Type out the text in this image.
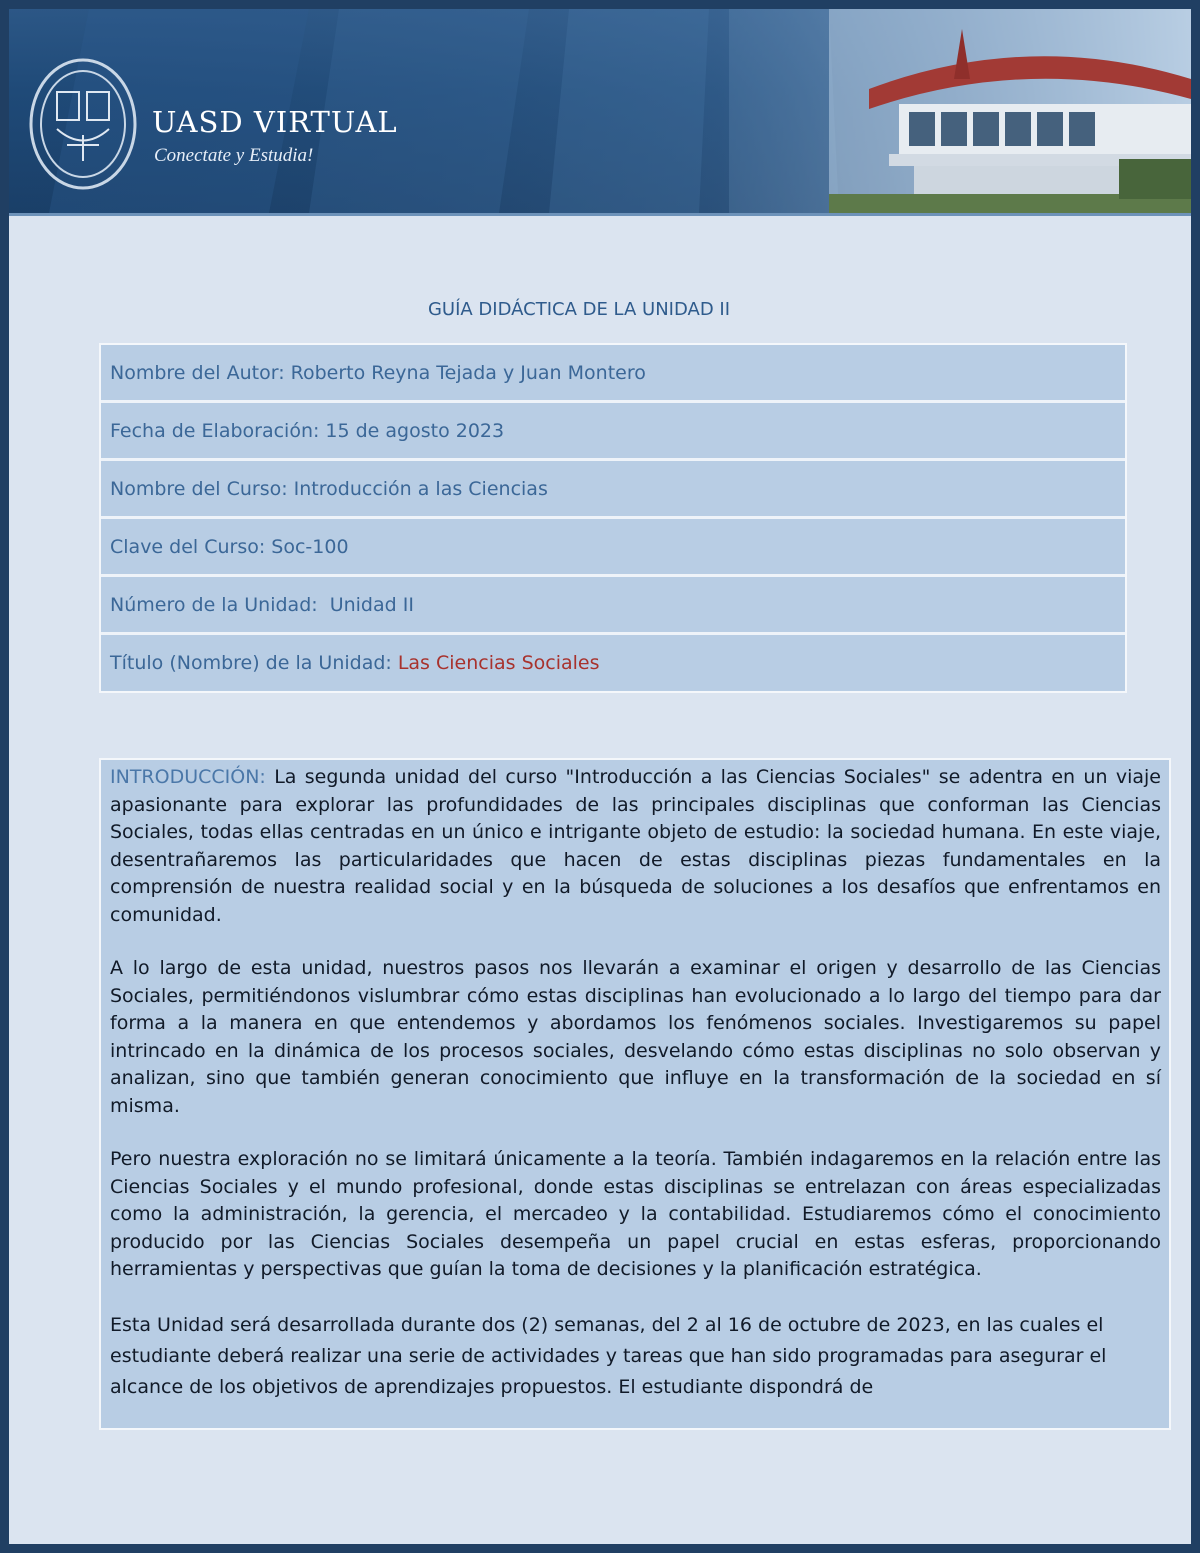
UASD VIRTUAL
Conectate y Estudia!
GUÍA DIDÁCTICA DE LA UNIDAD II
Nombre del Autor: Roberto Reyna Tejada y Juan Montero
Fecha de Elaboración: 15 de agosto 2023
Nombre del Curso: Introducción a las Ciencias
Clave del Curso: Soc-100
Número de la Unidad: Unidad II
Título (Nombre) de la Unidad: Las Ciencias Sociales

INTRODUCCIÓN: La segunda unidad del curso "Introducción a las Ciencias Sociales" se adentra en un viaje apasionante para explorar las profundidades de las principales disciplinas que conforman las Ciencias Sociales, todas ellas centradas en un único e intrigante objeto de estudio: la sociedad humana. En este viaje, desentrañaremos las particularidades que hacen de estas disciplinas piezas fundamentales en la comprensión de nuestra realidad social y en la búsqueda de soluciones a los desafíos que enfrentamos en comunidad.

A lo largo de esta unidad, nuestros pasos nos llevarán a examinar el origen y desarrollo de las Ciencias Sociales, permitiéndonos vislumbrar cómo estas disciplinas han evolucionado a lo largo del tiempo para dar forma a la manera en que entendemos y abordamos los fenómenos sociales. Investigaremos su papel intrincado en la dinámica de los procesos sociales, desvelando cómo estas disciplinas no solo observan y analizan, sino que también generan conocimiento que influye en la transformación de la sociedad en sí misma.

Pero nuestra exploración no se limitará únicamente a la teoría. También indagaremos en la relación entre las Ciencias Sociales y el mundo profesional, donde estas disciplinas se entrelazan con áreas especializadas como la administración, la gerencia, el mercadeo y la contabilidad. Estudiaremos cómo el conocimiento producido por las Ciencias Sociales desempeña un papel crucial en estas esferas, proporcionando herramientas y perspectivas que guían la toma de decisiones y la planificación estratégica.

Esta Unidad será desarrollada durante dos (2) semanas, del 2 al 16 de octubre de 2023, en las cuales el estudiante deberá realizar una serie de actividades y tareas que han sido programadas para asegurar el alcance de los objetivos de aprendizajes propuestos. El estudiante dispondrá de
